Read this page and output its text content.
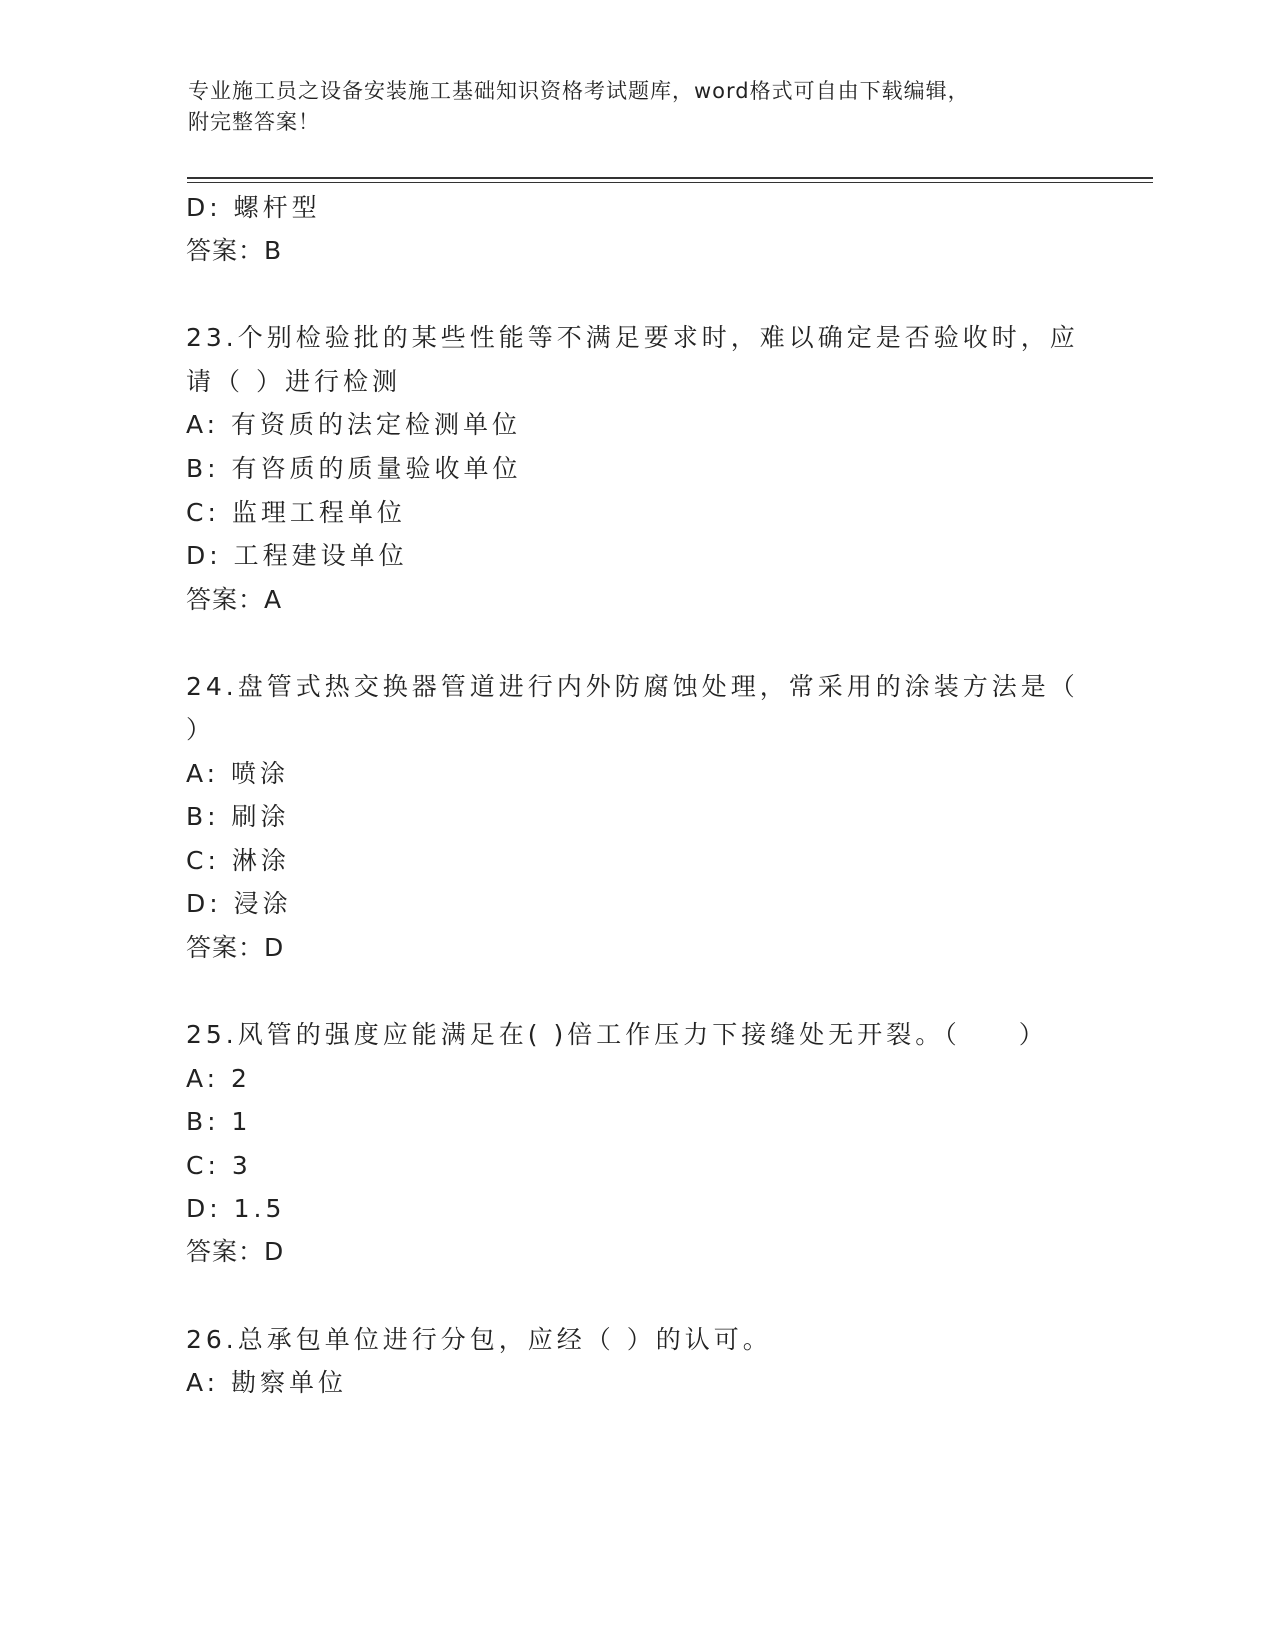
专业施工员之设备安装施工基础知识资格考试题库，word格式可自由下载编辑，
附完整答案！
D: 螺杆型
答案：B
23.个别检验批的某些性能等不满足要求时，难以确定是否验收时，应
请（ ）进行检测
A: 有资质的法定检测单位
B: 有咨质的质量验收单位
C: 监理工程单位
D: 工程建设单位
答案：A
24.盘管式热交换器管道进行内外防腐蚀处理，常采用的涂装方法是（
）
A: 喷涂
B: 刷涂
C: 淋涂
D: 浸涂
答案：D
25.风管的强度应能满足在( )倍工作压力下接缝处无开裂。（　　）
A: 2
B: 1
C: 3
D: 1.5
答案：D
26.总承包单位进行分包，应经（ ）的认可。
A: 勘察单位
